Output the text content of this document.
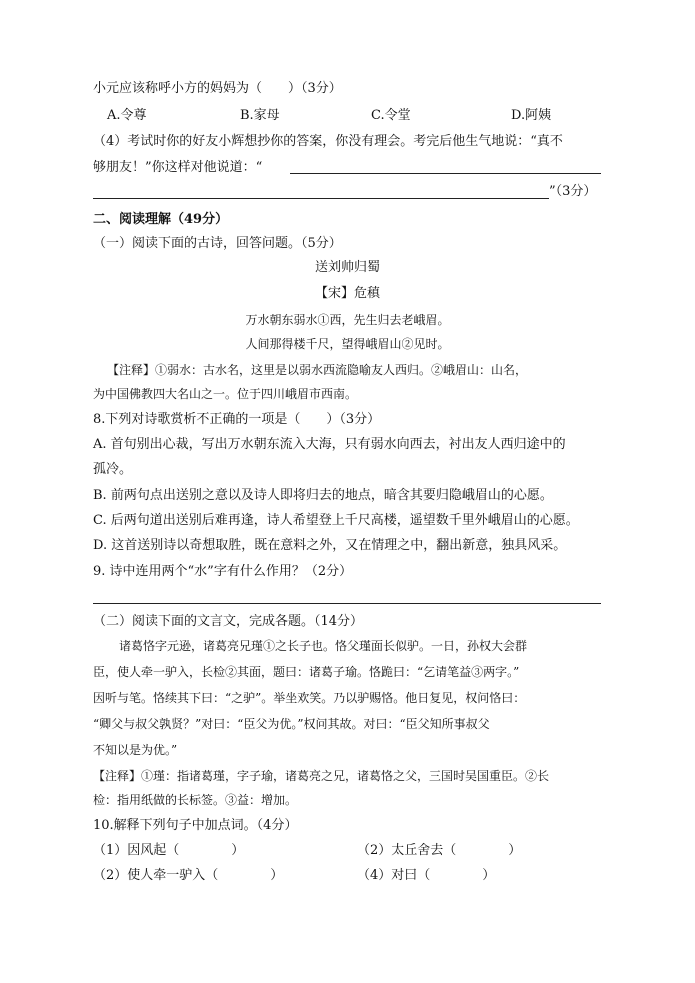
小元应该称呼小方的妈妈为（　　）（3分）
A.令尊	B.家母	C.令堂	D.阿姨
（4）考试时你的好友小辉想抄你的答案，你没有理会。考完后他生气地说：“真不
够朋友！”你这样对他说道：“
”（3分）
二、阅读理解（49分）
（一）阅读下面的古诗，回答问题。（5分）
送刘帅归蜀
【宋】危稹
万水朝东弱水①西，先生归去老峨眉。
人间那得楼千尺，望得峨眉山②见时。
【注释】①弱水：古水名，这里是以弱水西流隐喻友人西归。②峨眉山：山名，
为中国佛教四大名山之一。位于四川峨眉市西南。
8.下列对诗歌赏析不正确的一项是（　　）（3分）
A. 首句别出心裁，写出万水朝东流入大海，只有弱水向西去，衬出友人西归途中的
孤冷。
B. 前两句点出送别之意以及诗人即将归去的地点，暗含其要归隐峨眉山的心愿。
C. 后两句道出送别后难再逢，诗人希望登上千尺高楼，遥望数千里外峨眉山的心愿。
D. 这首送别诗以奇想取胜，既在意料之外，又在情理之中，翻出新意，独具风采。
9. 诗中连用两个“水”字有什么作用？（2分）
（二）阅读下面的文言文，完成各题。（14分）
　诸葛恪字元逊，诸葛亮兄瑾①之长子也。恪父瑾面长似驴。一日，孙权大会群
臣，使人牵一驴入，长检②其面，题曰：诸葛子瑜。恪跪曰：“乞请笔益③两字。”
因听与笔。恪续其下曰：“之驴”。举坐欢笑。乃以驴赐恪。他日复见，权问恪曰：
“卿父与叔父孰贤？”对曰：“臣父为优。”权问其故。对曰：“臣父知所事叔父
不知以是为优。”
【注释】①瑾：指诸葛瑾，字子瑜，诸葛亮之兄，诸葛恪之父，三国时吴国重臣。②长
检：指用纸做的长标签。③益：增加。
10.解释下列句子中加点词。（4分）
（1）因风起（　　　　）	（2）太丘舍去（　　　　）
（2）使人牵一驴入（　　　　）	（4）对曰（　　　　）
